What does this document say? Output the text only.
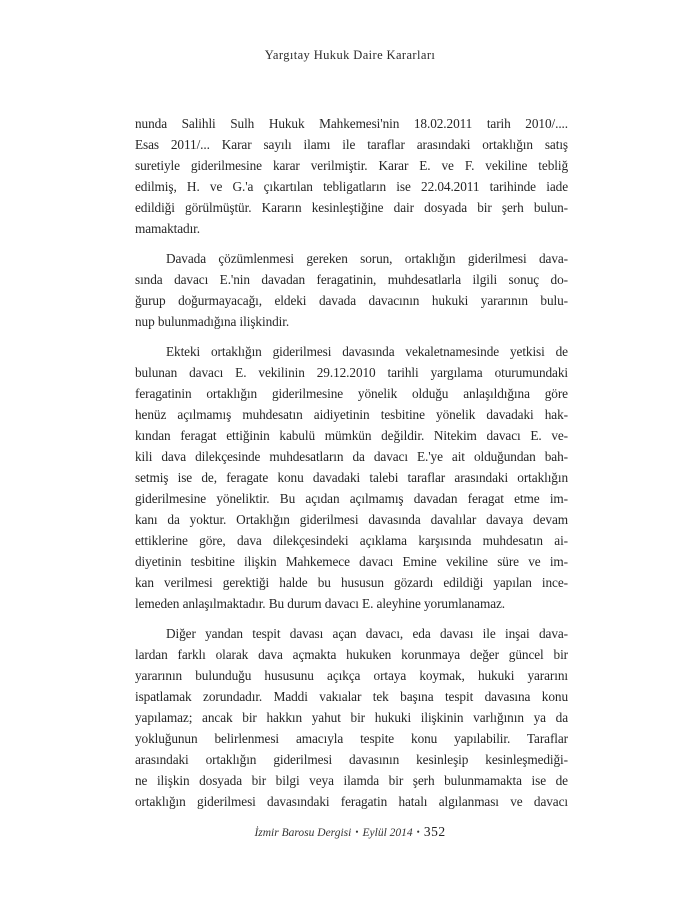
Yargıtay Hukuk Daire Kararları
nunda Salihli Sulh Hukuk Mahkemesi'nin 18.02.2011 tarih 2010/....
Esas 2011/... Karar sayılı ilamı ile taraflar arasındaki ortaklığın satış
suretiyle giderilmesine karar verilmiştir. Karar E. ve F. vekiline tebliğ
edilmiş, H. ve G.'a çıkartılan tebligatların ise 22.04.2011 tarihinde iade
edildiği görülmüştür. Kararın kesinleştiğine dair dosyada bir şerh bulun-
mamaktadır.
Davada çözümlenmesi gereken sorun, ortaklığın giderilmesi dava-
sında davacı E.'nin davadan feragatinin, muhdesatlarla ilgili sonuç do-
ğurup doğurmayacağı, eldeki davada davacının hukuki yararının bulu-
nup bulunmadığına ilişkindir.
Ekteki ortaklığın giderilmesi davasında vekaletnamesinde yetkisi de
bulunan davacı E. vekilinin 29.12.2010 tarihli yargılama oturumundaki
feragatinin ortaklığın giderilmesine yönelik olduğu anlaşıldığına göre
henüz açılmamış muhdesatın aidiyetinin tesbitine yönelik davadaki hak-
kından feragat ettiğinin kabulü mümkün değildir. Nitekim davacı E. ve-
kili dava dilekçesinde muhdesatların da davacı E.'ye ait olduğundan bah-
setmiş ise de, feragate konu davadaki talebi taraflar arasındaki ortaklığın
giderilmesine yöneliktir. Bu açıdan açılmamış davadan feragat etme im-
kanı da yoktur. Ortaklığın giderilmesi davasında davalılar davaya devam
ettiklerine göre, dava dilekçesindeki açıklama karşısında muhdesatın ai-
diyetinin tesbitine ilişkin Mahkemece davacı Emine vekiline süre ve im-
kan verilmesi gerektiği halde bu hususun gözardı edildiği yapılan ince-
lemeden anlaşılmaktadır. Bu durum davacı E. aleyhine yorumlanamaz.
Diğer yandan tespit davası açan davacı, eda davası ile inşai dava-
lardan farklı olarak dava açmakta hukuken korunmaya değer güncel bir
yararının bulunduğu hususunu açıkça ortaya koymak, hukuki yararını
ispatlamak zorundadır. Maddi vakıalar tek başına tespit davasına konu
yapılamaz; ancak bir hakkın yahut bir hukuki ilişkinin varlığının ya da
yokluğunun belirlenmesi amacıyla tespite konu yapılabilir. Taraflar
arasındaki ortaklığın giderilmesi davasının kesinleşip kesinleşmediği-
ne ilişkin dosyada bir bilgi veya ilamda bir şerh bulunmamakta ise de
ortaklığın giderilmesi davasındaki feragatin hatalı algılanması ve davacı
İzmir Barosu Dergisi • Eylül 2014 • 352
